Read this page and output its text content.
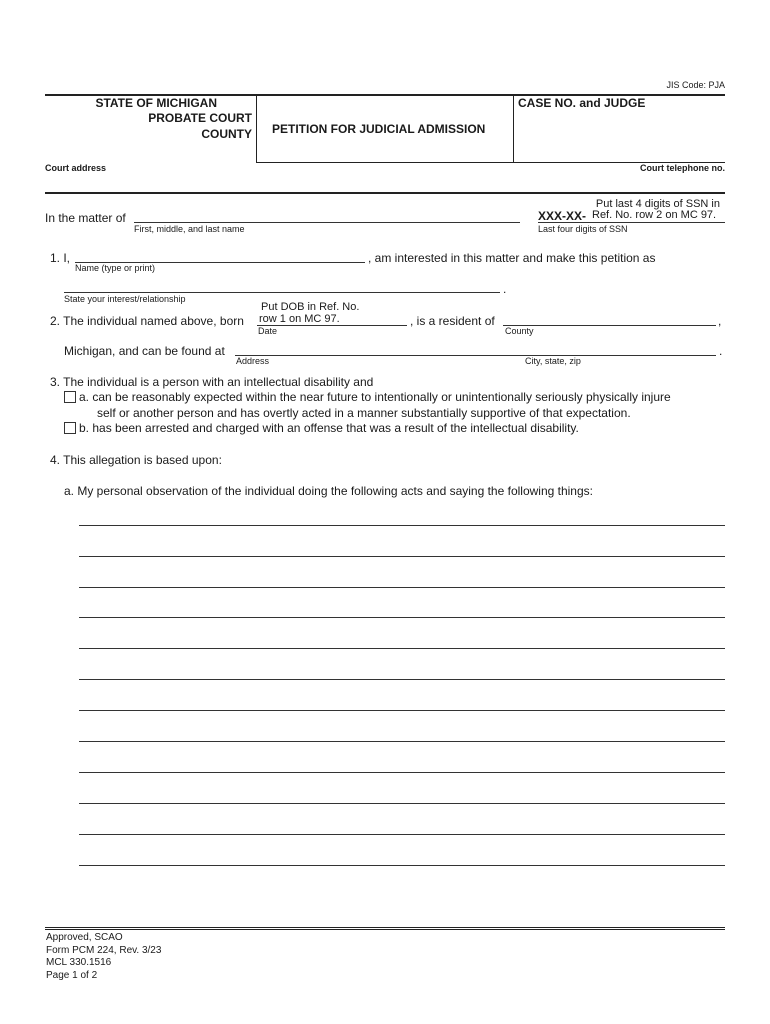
JIS Code: PJA
STATE OF MICHIGAN
PROBATE COURT
COUNTY PETITION FOR JUDICIAL ADMISSION
CASE NO. and JUDGE
Court address	Court telephone no.
In the matter of
First, middle, and last name
Put last 4 digits of SSN in
XXX-XX- Ref. No. row 2 on MC 97.
Last four digits of SSN
1. I,
Name (type or print)
, am interested in this matter and make this petition as
.
State your interest/relationship
2. The individual named above, born
Put DOB in Ref. No.
row 1 on MC 97.
Date
, is a resident of
County
,
Michigan, and can be found at
Address	City, state, zip
.
3. The individual is a person with an intellectual disability and
a. can be reasonably expected within the near future to intentionally or unintentionally seriously physically injure
self or another person and has overtly acted in a manner substantially supportive of that expectation.
b. has been arrested and charged with an offense that was a result of the intellectual disability.
4. This allegation is based upon:
a. My personal observation of the individual doing the following acts and saying the following things:
Approved, SCAO
Form PCM 224, Rev. 3/23
MCL 330.1516
Page 1 of 2
